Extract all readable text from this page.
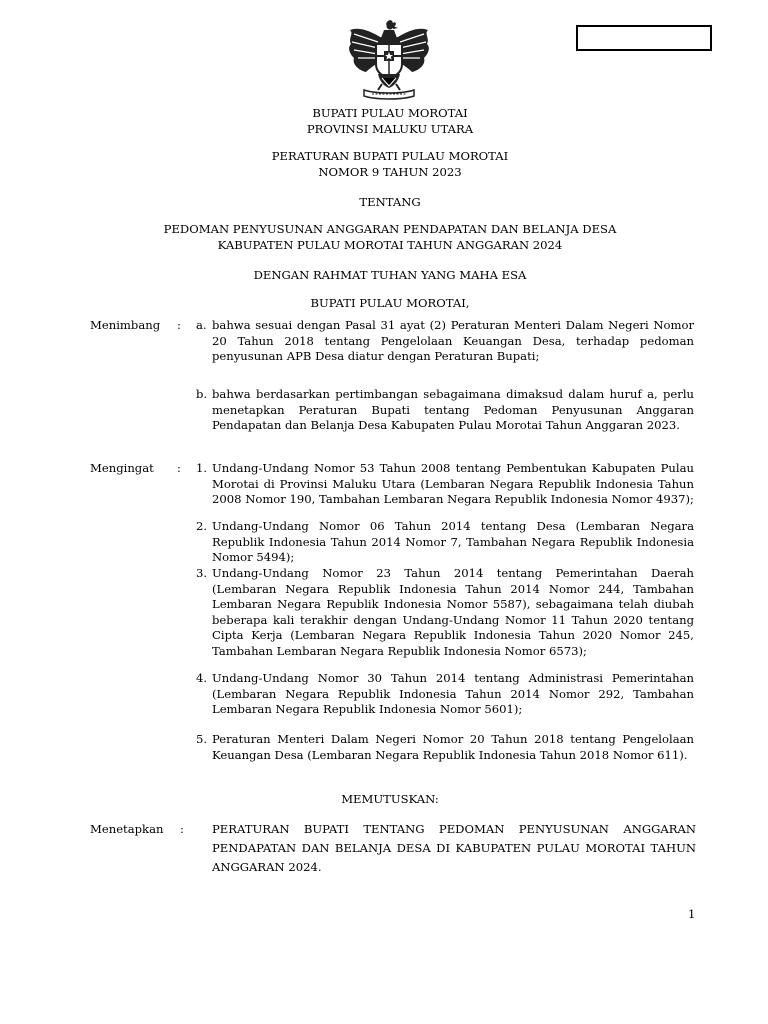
BUPATI PULAU MOROTAI
PROVINSI MALUKU UTARA
PERATURAN BUPATI PULAU MOROTAI
NOMOR 9 TAHUN 2023
TENTANG
PEDOMAN PENYUSUNAN ANGGARAN PENDAPATAN DAN BELANJA DESA
KABUPATEN PULAU MOROTAI TAHUN ANGGARAN 2024
DENGAN RAHMAT TUHAN YANG MAHA ESA
BUPATI PULAU MOROTAI,
Menimbang : a. bahwa sesuai dengan Pasal 31 ayat (2) Peraturan Menteri Dalam Negeri Nomor 20 Tahun 2018 tentang Pengelolaan Keuangan Desa, terhadap pedoman penyusunan APB Desa diatur dengan Peraturan Bupati;
b. bahwa berdasarkan pertimbangan sebagaimana dimaksud dalam huruf a, perlu menetapkan Peraturan Bupati tentang Pedoman Penyusunan Anggaran Pendapatan dan Belanja Desa Kabupaten Pulau Morotai Tahun Anggaran 2023.
Mengingat : 1. Undang-Undang Nomor 53 Tahun 2008 tentang Pembentukan Kabupaten Pulau Morotai di Provinsi Maluku Utara (Lembaran Negara Republik Indonesia Tahun 2008 Nomor 190, Tambahan Lembaran Negara Republik Indonesia Nomor 4937);
2. Undang-Undang Nomor 06 Tahun 2014 tentang Desa (Lembaran Negara Republik Indonesia Tahun 2014 Nomor 7, Tambahan Negara Republik Indonesia Nomor 5494);
3. Undang-Undang Nomor 23 Tahun 2014 tentang Pemerintahan Daerah (Lembaran Negara Republik Indonesia Tahun 2014 Nomor 244, Tambahan Lembaran Negara Republik Indonesia Nomor 5587), sebagaimana telah diubah beberapa kali terakhir dengan Undang-Undang Nomor 11 Tahun 2020 tentang Cipta Kerja (Lembaran Negara Republik Indonesia Tahun 2020 Nomor 245, Tambahan Lembaran Negara Republik Indonesia Nomor 6573);
4. Undang-Undang Nomor 30 Tahun 2014 tentang Administrasi Pemerintahan (Lembaran Negara Republik Indonesia Tahun 2014 Nomor 292, Tambahan Lembaran Negara Republik Indonesia Nomor 5601);
5. Peraturan Menteri Dalam Negeri Nomor 20 Tahun 2018 tentang Pengelolaan Keuangan Desa (Lembaran Negara Republik Indonesia Tahun 2018 Nomor 611).
MEMUTUSKAN:
Menetapkan : PERATURAN BUPATI TENTANG PEDOMAN PENYUSUNAN ANGGARAN PENDAPATAN DAN BELANJA DESA DI KABUPATEN PULAU MOROTAI TAHUN ANGGARAN 2024.
1
